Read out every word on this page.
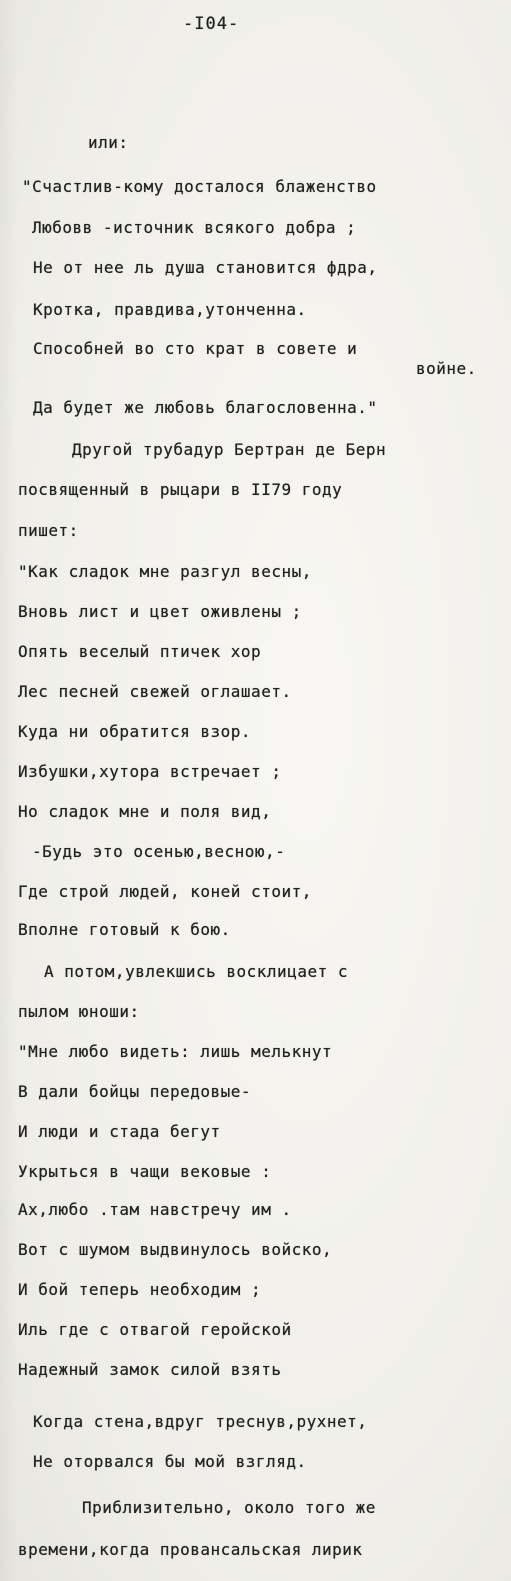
-I04-
или:
"Счастлив-кому досталося блаженство
Любовв -источник всякого добра ;
Не от нее ль душа становится фдра,
Кротка, правдива,утонченна.
Способней во сто крат в совете и
войне.
Да будет же любовь благословенна."
Другой трубадур Бертран де Берн
посвященный в рыцари в II79 году
пишет:
"Как сладок мне разгул весны,
Вновь лист и цвет оживлены ;
Опять веселый птичек хор
Лес песней свежей оглашает.
Куда ни обратится взор.
Избушки,хутора встречает ;
Но сладок мне и поля вид,
-Будь это осенью,весною,-
Где строй людей, коней стоит,
Вполне готовый к бою.
А потом,увлекшись восклицает с
пылом юноши:
"Мне любо видеть: лишь мелькнут
В дали бойцы передовые-
И люди и стада бегут
Укрыться в чащи вековые :
Ах,любо .там навстречу им .
Вот с шумом выдвинулось войско,
И бой теперь необходим ;
Иль где с отвагой геройской
Надежный замок силой взять
Когда стена,вдруг треснув,рухнет,
Не оторвался бы мой взгляд.
Приблизительно, около того же
времени,когда провансальская лирик
